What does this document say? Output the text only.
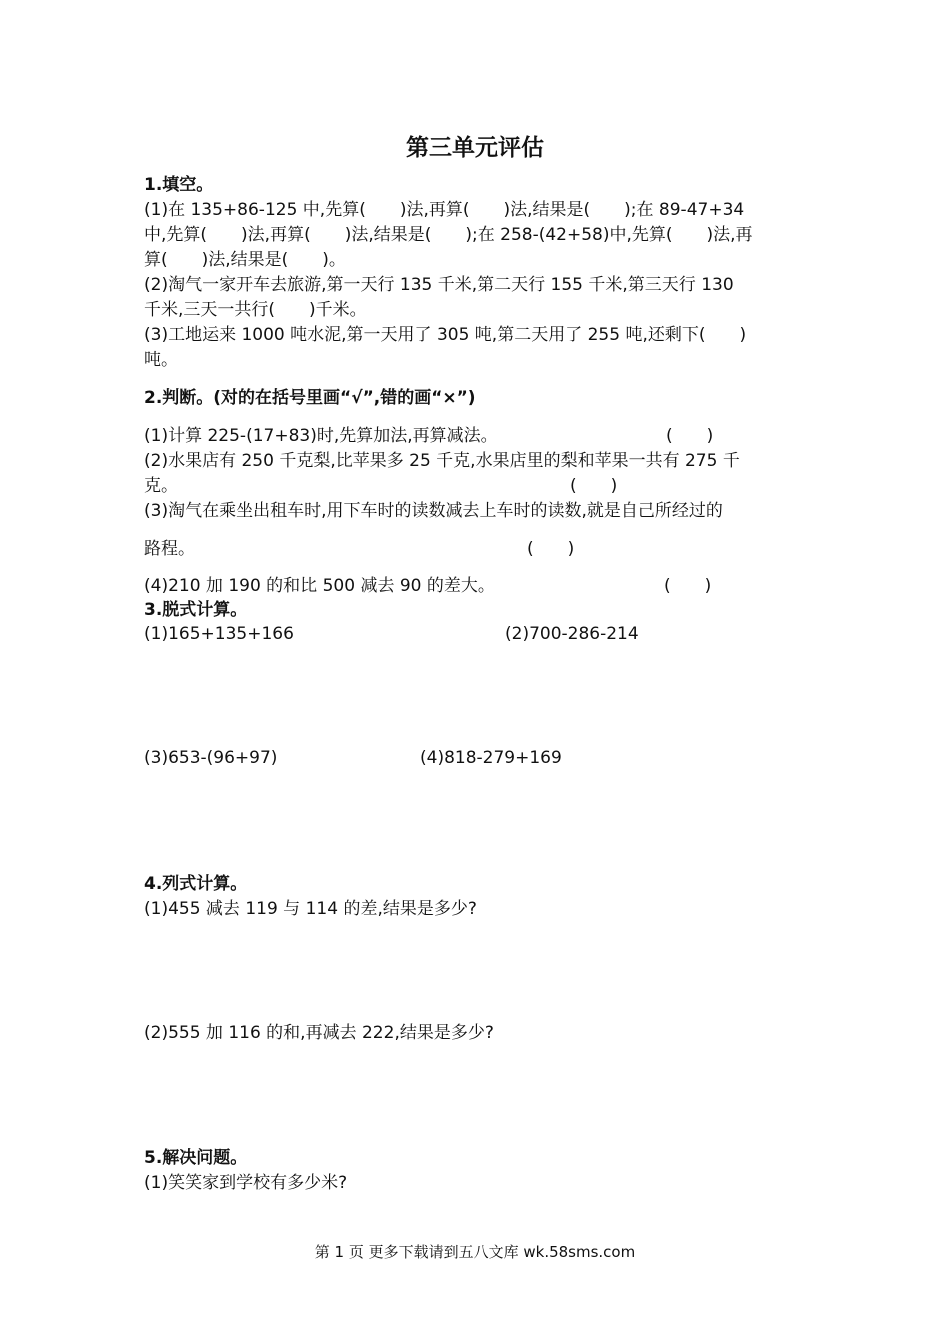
第三单元评估
1.填空。
(1)在 135+86-125 中,先算(　　)法,再算(　　)法,结果是(　　);在 89-47+34
中,先算(　　)法,再算(　　)法,结果是(　　);在 258-(42+58)中,先算(　　)法,再
算(　　)法,结果是(　　)。
(2)淘气一家开车去旅游,第一天行 135 千米,第二天行 155 千米,第三天行 130
千米,三天一共行(　　)千米。
(3)工地运来 1000 吨水泥,第一天用了 305 吨,第二天用了 255 吨,还剩下(　　)
吨。
2.判断。(对的在括号里画“√”,错的画“×”)
(1)计算 225-(17+83)时,先算加法,再算减法。	(　　)
(2)水果店有 250 千克梨,比苹果多 25 千克,水果店里的梨和苹果一共有 275 千
克。	(　　)
(3)淘气在乘坐出租车时,用下车时的读数减去上车时的读数,就是自己所经过的
路程。	(　　)
(4)210 加 190 的和比 500 减去 90 的差大。	(　　)
3.脱式计算。
(1)165+135+166	(2)700-286-214
(3)653-(96+97)	(4)818-279+169
4.列式计算。
(1)455 减去 119 与 114 的差,结果是多少?
(2)555 加 116 的和,再减去 222,结果是多少?
5.解决问题。
(1)笑笑家到学校有多少米?
第 1 页 更多下载请到五八文库 wk.58sms.com
